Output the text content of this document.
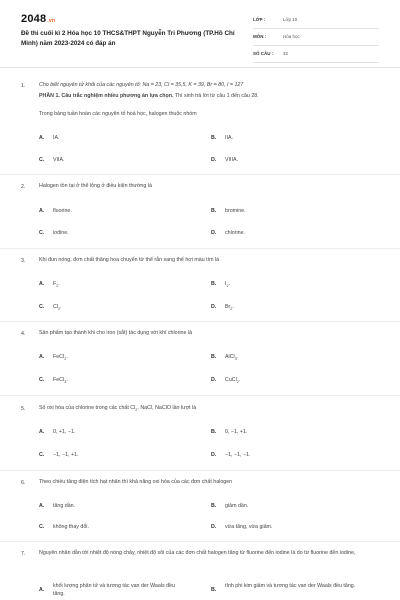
2048.vn
Đề thi cuối kì 2 Hóa học 10 THCS&THPT Nguyễn Tri Phương (TP.Hồ Chí Minh) năm 2023-2024 có đáp án
LỚP :	Lớp 10
MÔN :	Hóa học
SỐ CÂU : 32
1.	Cho biết nguyên tử khối của các nguyên tố: Na = 23, Cl = 35,5, K = 39, Br = 80, I = 127
PHẦN 1. Câu trắc nghiệm nhiều phương án lựa chọn. Thí sinh trả lời từ câu 1 đến câu 28.
Trong bảng tuần hoàn các nguyên tố hoá học, halogen thuộc nhóm
A. IA.	B. IIA.
C. VIIA.	D. VIIIA.
2.	Halogen tồn tại ở thể lỏng ở điều kiện thường là
A. fluorine.	B. bromine.
C. iodine.	D. chlorine.
3.	Khi đun nóng, đơn chất thăng hoa chuyển từ thể rắn sang thể hơi màu tím là
A. $F_2$.	B. $I_2$.
C. $Cl_2$.	D. $Br_2$.
4.	Sản phẩm tạo thành khi cho iron (sắt) tác dụng với khí chlorine là
A. FeCl$_2$.	B. AlCl$_3$.
C. FeCl$_3$.	D. CuCl$_2$.
5.	Số oxi hóa của chlorine trong các chất $Cl_2$, NaCl, NaClO lần lượt là
A. 0, +1, −1.	B. 0, −1, +1.
C. −1, −1, +1.	D. −1, −1, −1.
6.	Theo chiều tăng điện tích hạt nhân thì khả năng oxi hóa của các đơn chất halogen
A. tăng dần.	B. giảm dần.
C. không thay đổi.	D. vừa tăng, vừa giảm.
7.	Nguyên nhân dẫn tới nhiệt độ nóng chảy, nhiệt độ sôi của các đơn chất halogen tăng từ fluorine đến iodine là do từ fluorine đến iodine,
A.
khối lượng phân tử và tương tác van der Waals đều tăng.
B.
tính phi kim giảm và tương tác van der Waals đều tăng.
